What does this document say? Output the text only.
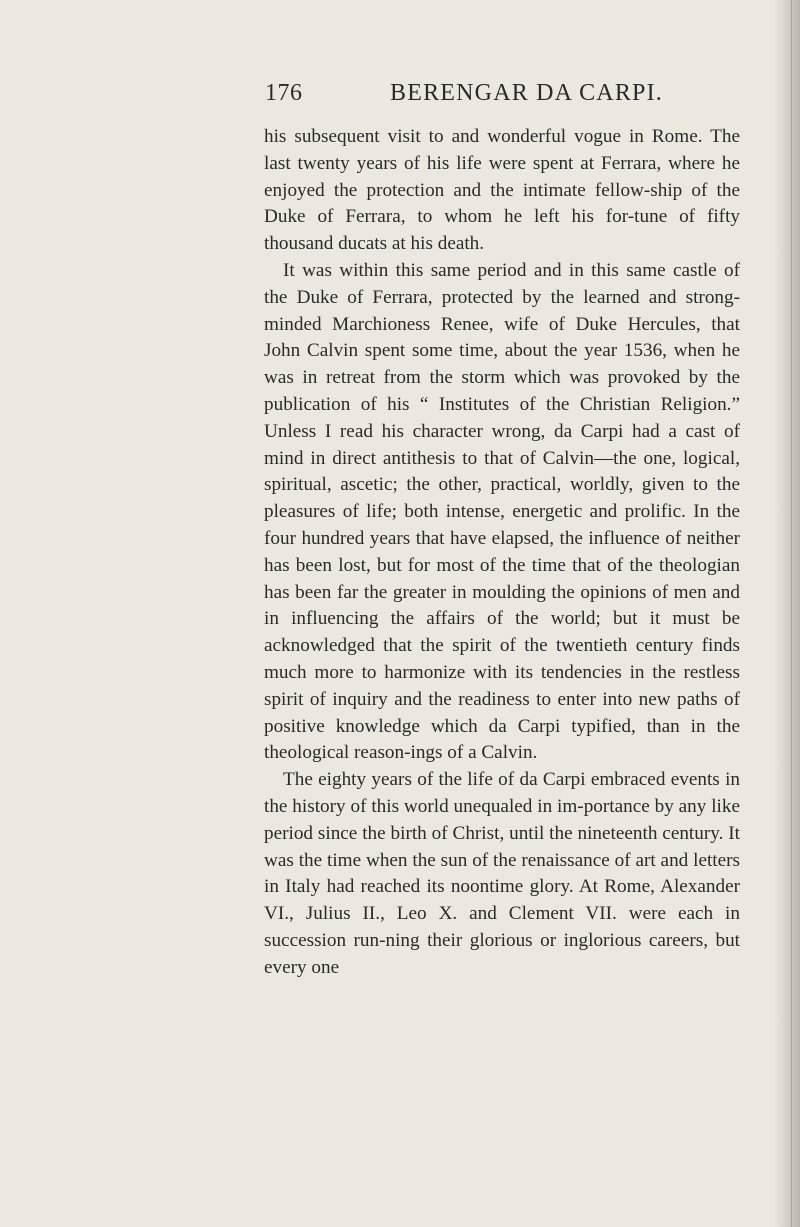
176	BERENGAR DA CARPI.

his subsequent visit to and wonderful vogue in Rome. The last twenty years of his life were spent at Ferrara, where he enjoyed the protection and the intimate fellow-ship of the Duke of Ferrara, to whom he left his for-tune of fifty thousand ducats at his death.

It was within this same period and in this same castle of the Duke of Ferrara, protected by the learned and strong-minded Marchioness Renee, wife of Duke Hercules, that John Calvin spent some time, about the year 1536, when he was in retreat from the storm which was provoked by the publication of his “ Institutes of the Christian Religion.” Unless I read his character wrong, da Carpi had a cast of mind in direct antithesis to that of Calvin—the one, logical, spiritual, ascetic; the other, practical, worldly, given to the pleasures of life; both intense, energetic and prolific. In the four hundred years that have elapsed, the influence of neither has been lost, but for most of the time that of the theologian has been far the greater in moulding the opinions of men and in influencing the affairs of the world; but it must be acknowledged that the spirit of the twentieth century finds much more to harmonize with its tendencies in the restless spirit of inquiry and the readiness to enter into new paths of positive knowledge which da Carpi typified, than in the theological reason-ings of a Calvin.

The eighty years of the life of da Carpi embraced events in the history of this world unequaled in im-portance by any like period since the birth of Christ, until the nineteenth century. It was the time when the sun of the renaissance of art and letters in Italy had reached its noontime glory. At Rome, Alexander VI., Julius II., Leo X. and Clement VII. were each in succession run-ning their glorious or inglorious careers, but every one
